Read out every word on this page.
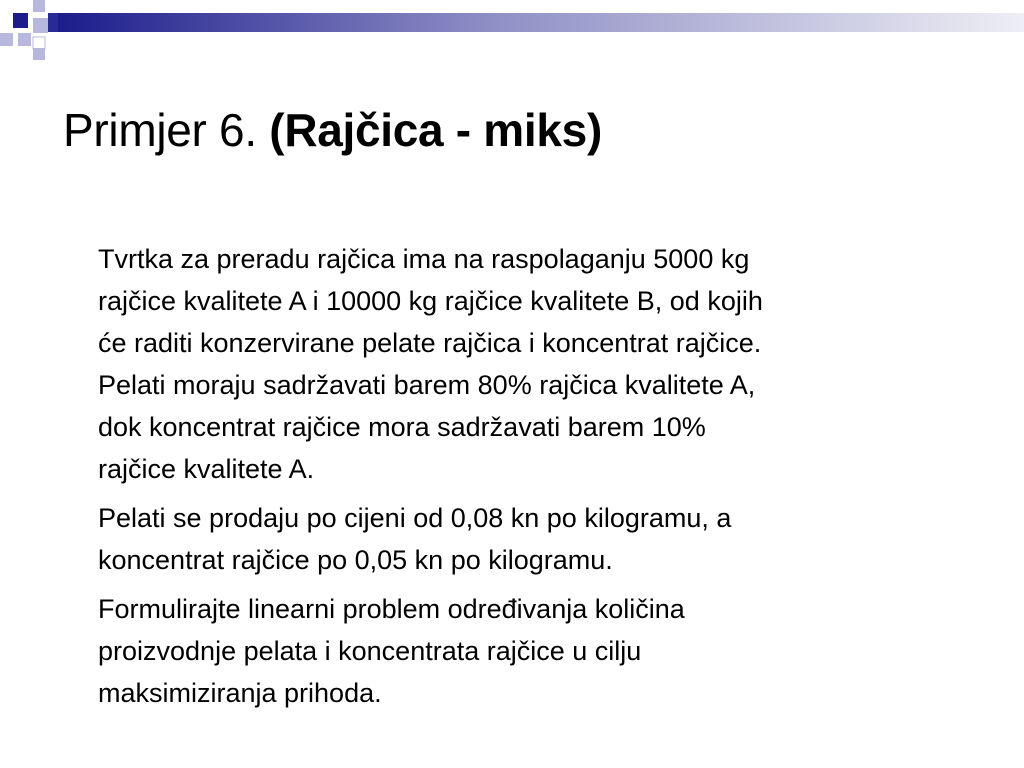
Primjer 6. (Rajčica - miks)

Tvrtka za preradu rajčica ima na raspolaganju 5000 kg
rajčice kvalitete A i 10000 kg rajčice kvalitete B, od kojih
će raditi konzervirane pelate rajčica i koncentrat rajčice.
Pelati moraju sadržavati barem 80% rajčica kvalitete A,
dok koncentrat rajčice mora sadržavati barem 10%
rajčice kvalitete A.

Pelati se prodaju po cijeni od 0,08 kn po kilogramu, a
koncentrat rajčice po 0,05 kn po kilogramu.

Formulirajte linearni problem određivanja količina
proizvodnje pelata i koncentrata rajčice u cilju
maksimiziranja prihoda.
